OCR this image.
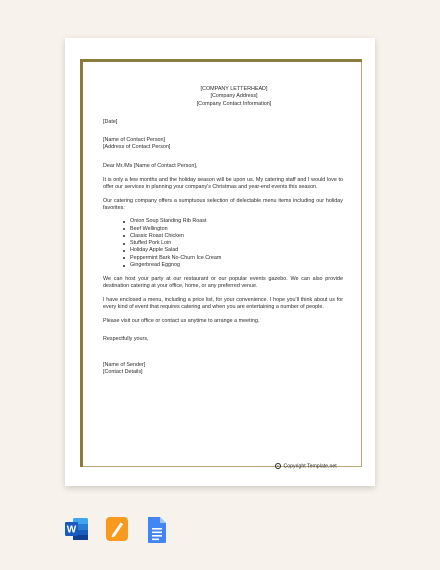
[COMPANY LETTERHEAD]
[Company Address]
[Company Contact Information]
[Date]
[Name of Contact Person]
[Address of Contact Person]
Dear Mr./Ms [Name of Contact Person],
It is only a few months and the holiday season will be upon us. My catering staff and I would love to offer our services in planning your company's Christmas and year-end events this season.
Our catering company offers a sumptuous selection of delectable menu items including our holiday favorites:
Onion Soup Standing Rib Roast
Beef Wellington
Classic Roast Chicken
Stuffed Pork Loin
Holiday Apple Salad
Peppermint Bark No-Churn Ice Cream
Gingerbread Eggnog
We can host your party at our restaurant or our popular events gazebo. We can also provide destination catering at your office, home, or any preferred venue.
I have enclosed a menu, including a price list, for your convenience. I hope you'll think about us for every kind of event that requires catering and when you are entertaining a number of people.
Please visit our office or contact us anytime to arrange a meeting.
Respectfully yours,
[Name of Sender]
[Contact Details]
c Copyright Template.net
W
